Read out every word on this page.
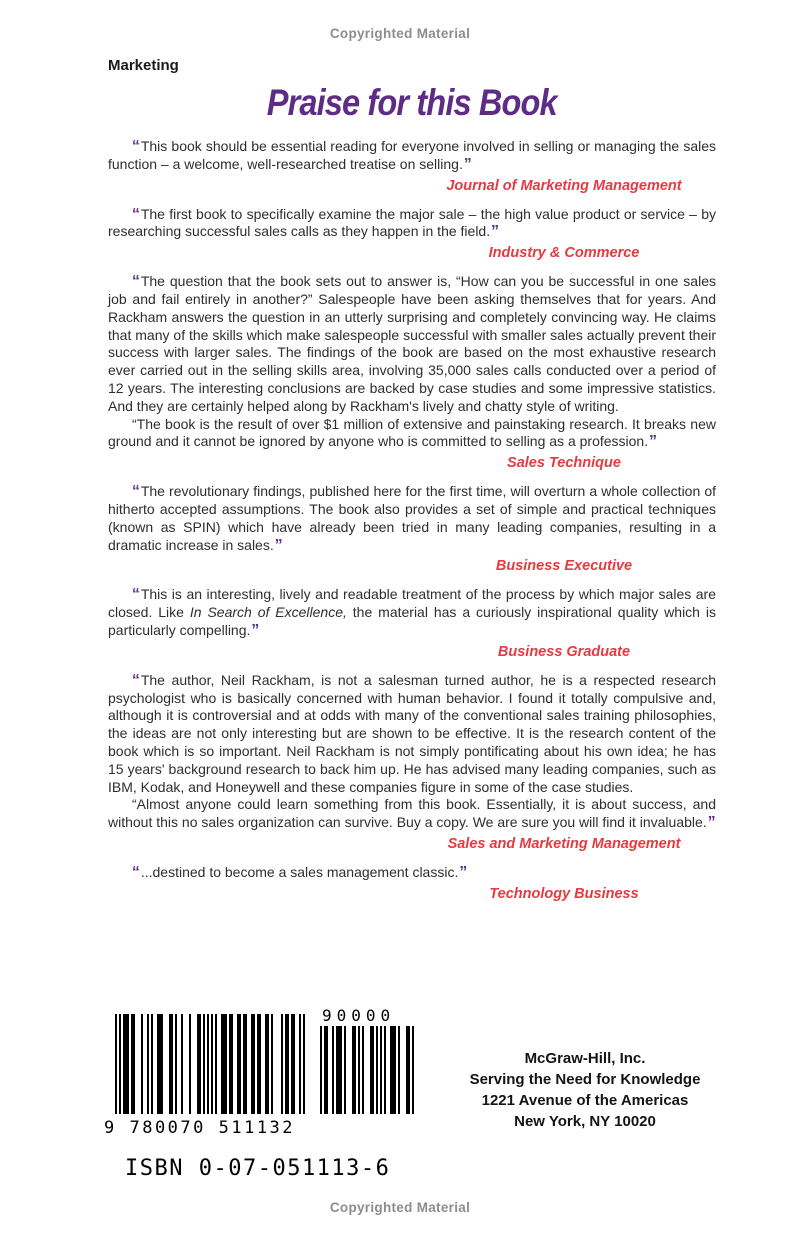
Copyrighted Material
Marketing
Praise for this Book

“This book should be essential reading for everyone involved in selling or managing the sales function – a welcome, well-researched treatise on selling.”

Journal of Marketing Management

“The first book to specifically examine the major sale – the high value product or service – by researching successful sales calls as they happen in the field.”

Industry & Commerce

“The question that the book sets out to answer is, “How can you be successful in one sales job and fail entirely in another?” Salespeople have been asking themselves that for years. And Rackham answers the question in an utterly surprising and completely convincing way. He claims that many of the skills which make salespeople successful with smaller sales actually prevent their success with larger sales. The findings of the book are based on the most exhaustive research ever carried out in the selling skills area, involving 35,000 sales calls conducted over a period of 12 years. The interesting conclusions are backed by case studies and some impressive statistics. And they are certainly helped along by Rackham's lively and chatty style of writing.

“The book is the result of over $1 million of extensive and painstaking research. It breaks new ground and it cannot be ignored by anyone who is committed to selling as a profession.”

Sales Technique

“The revolutionary findings, published here for the first time, will overturn a whole collection of hitherto accepted assumptions. The book also provides a set of simple and practical techniques (known as SPIN) which have already been tried in many leading companies, resulting in a dramatic increase in sales.”

Business Executive

“This is an interesting, lively and readable treatment of the process by which major sales are closed. Like In Search of Excellence, the material has a curiously inspirational quality which is particularly compelling.”

Business Graduate

“The author, Neil Rackham, is not a salesman turned author, he is a respected research psychologist who is basically concerned with human behavior. I found it totally compulsive and, although it is controversial and at odds with many of the conventional sales training philosophies, the ideas are not only interesting but are shown to be effective. It is the research content of the book which is so important. Neil Rackham is not simply pontificating about his own idea; he has 15 years' background research to back him up. He has advised many leading companies, such as IBM, Kodak, and Honeywell and these companies figure in some of the case studies.

“Almost anyone could learn something from this book. Essentially, it is about success, and without this no sales organization can survive. Buy a copy. We are sure you will find it invaluable.”

Sales and Marketing Management

“...destined to become a sales management classic.”

Technology Business
90000
9 780070 511132
ISBN 0-07-051113-6
McGraw-Hill, Inc.
Serving the Need for Knowledge
1221 Avenue of the Americas
New York, NY 10020
Copyrighted Material
